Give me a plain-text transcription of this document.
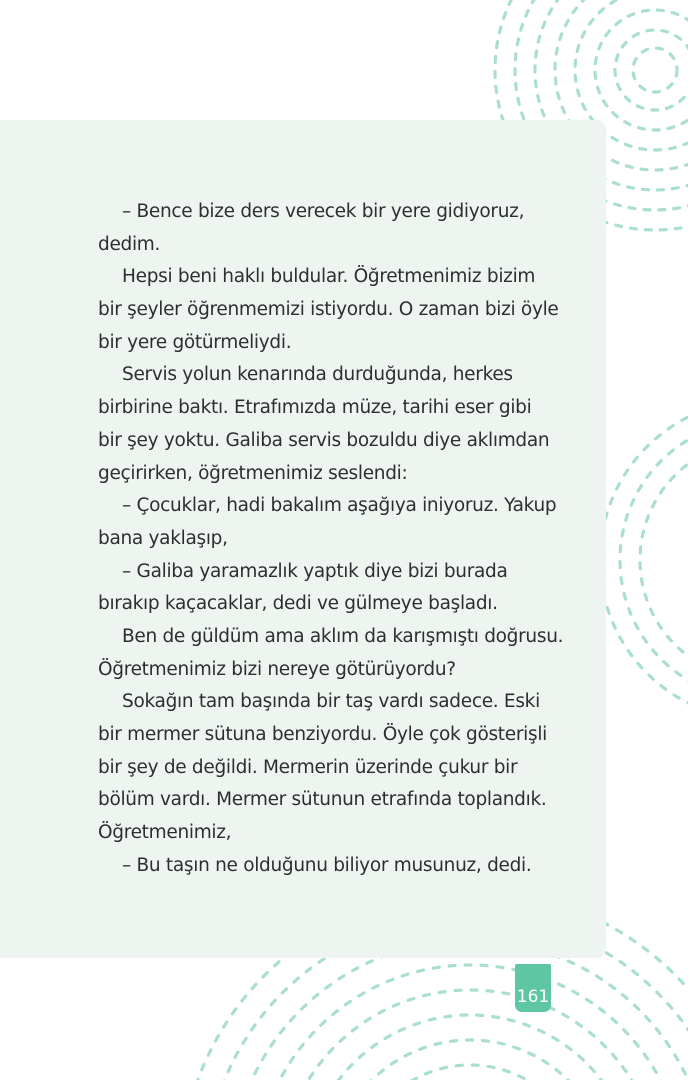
– Bence bize ders verecek bir yere gidiyoruz,
dedim.
Hepsi beni haklı buldular. Öğretmenimiz bizim
bir şeyler öğrenmemizi istiyordu. O zaman bizi öyle
bir yere götürmeliydi.
Servis yolun kenarında durduğunda, herkes
birbirine baktı. Etrafımızda müze, tarihi eser gibi
bir şey yoktu. Galiba servis bozuldu diye aklımdan
geçirirken, öğretmenimiz seslendi:
– Çocuklar, hadi bakalım aşağıya iniyoruz. Yakup
bana yaklaşıp,
– Galiba yaramazlık yaptık diye bizi burada
bırakıp kaçacaklar, dedi ve gülmeye başladı.
Ben de güldüm ama aklım da karışmıştı doğrusu.
Öğretmenimiz bizi nereye götürüyordu?
Sokağın tam başında bir taş vardı sadece. Eski
bir mermer sütuna benziyordu. Öyle çok gösterişli
bir şey de değildi. Mermerin üzerinde çukur bir
bölüm vardı. Mermer sütunun etrafında toplandık.
Öğretmenimiz,
– Bu taşın ne olduğunu biliyor musunuz, dedi.
161
